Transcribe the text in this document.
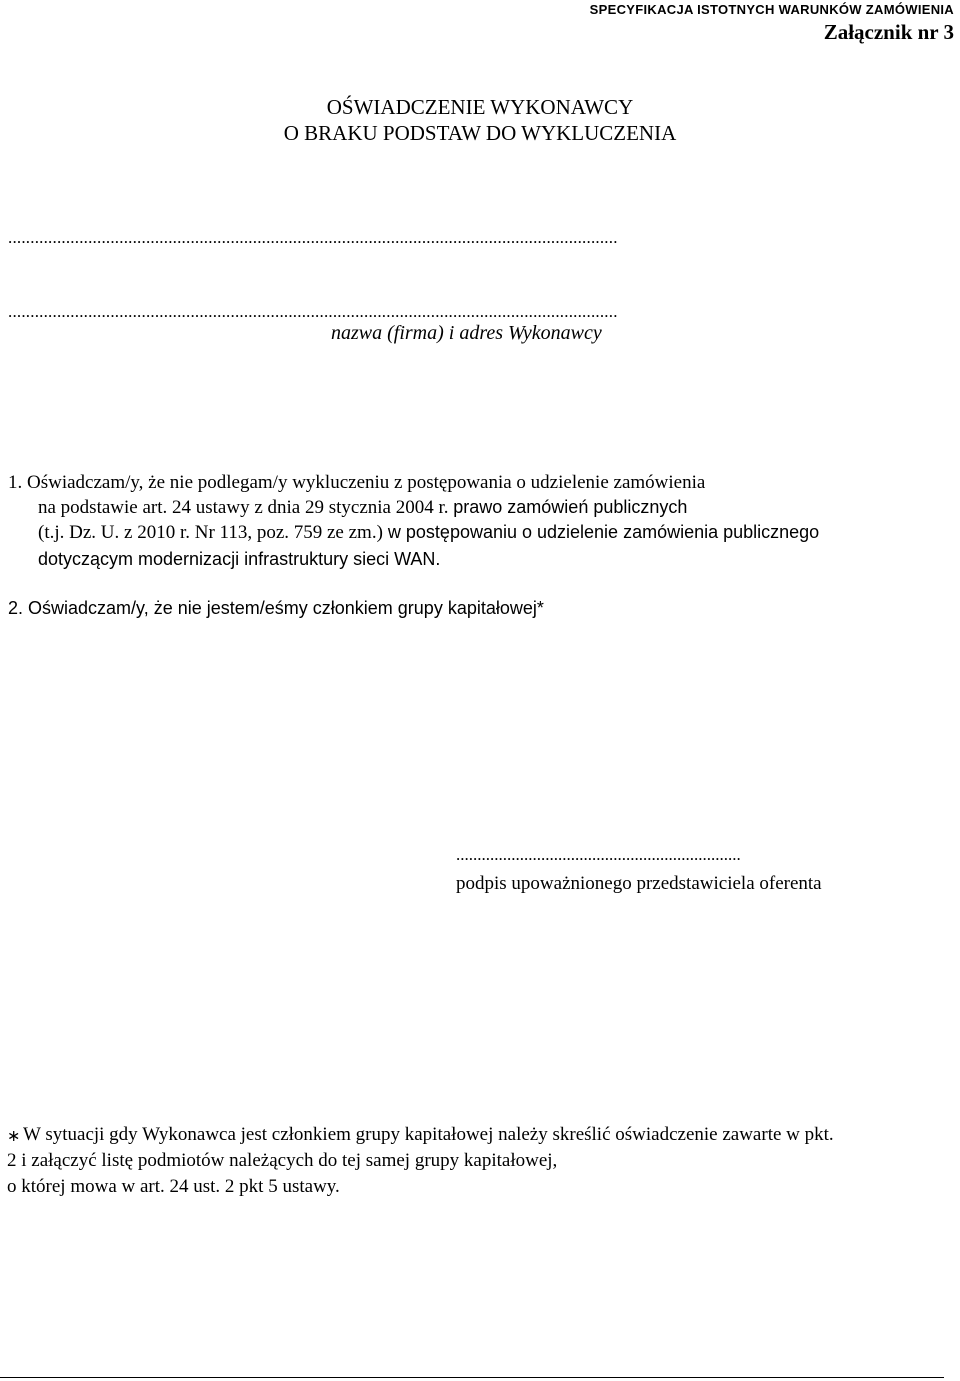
SPECYFIKACJA ISTOTNYCH WARUNKÓW ZAMÓWIENIA
Załącznik nr 3
OŚWIADCZENIE WYKONAWCY
O BRAKU PODSTAW DO WYKLUCZENIA
.........................................................................................................................................
.........................................................................................................................................
nazwa (firma) i adres Wykonawcy
1. Oświadczam/y, że nie podlegam/y wykluczeniu z postępowania o udzielenie zamówienia
na podstawie art. 24 ustawy z dnia 29 stycznia 2004 r. prawo zamówień publicznych
(t.j. Dz. U. z 2010 r. Nr 113, poz. 759 ze zm.) w postępowaniu o udzielenie zamówienia publicznego
dotyczącym modernizacji infrastruktury sieci WAN.
2. Oświadczam/y, że nie jestem/eśmy członkiem grupy kapitałowej*
...................................................................
podpis upoważnionego przedstawiciela oferenta
∗ W sytuacji gdy Wykonawca jest członkiem grupy kapitałowej należy skreślić oświadczenie zawarte w pkt.
2 i załączyć listę podmiotów należących do tej samej grupy kapitałowej,
o której mowa w art. 24 ust. 2 pkt 5 ustawy.
